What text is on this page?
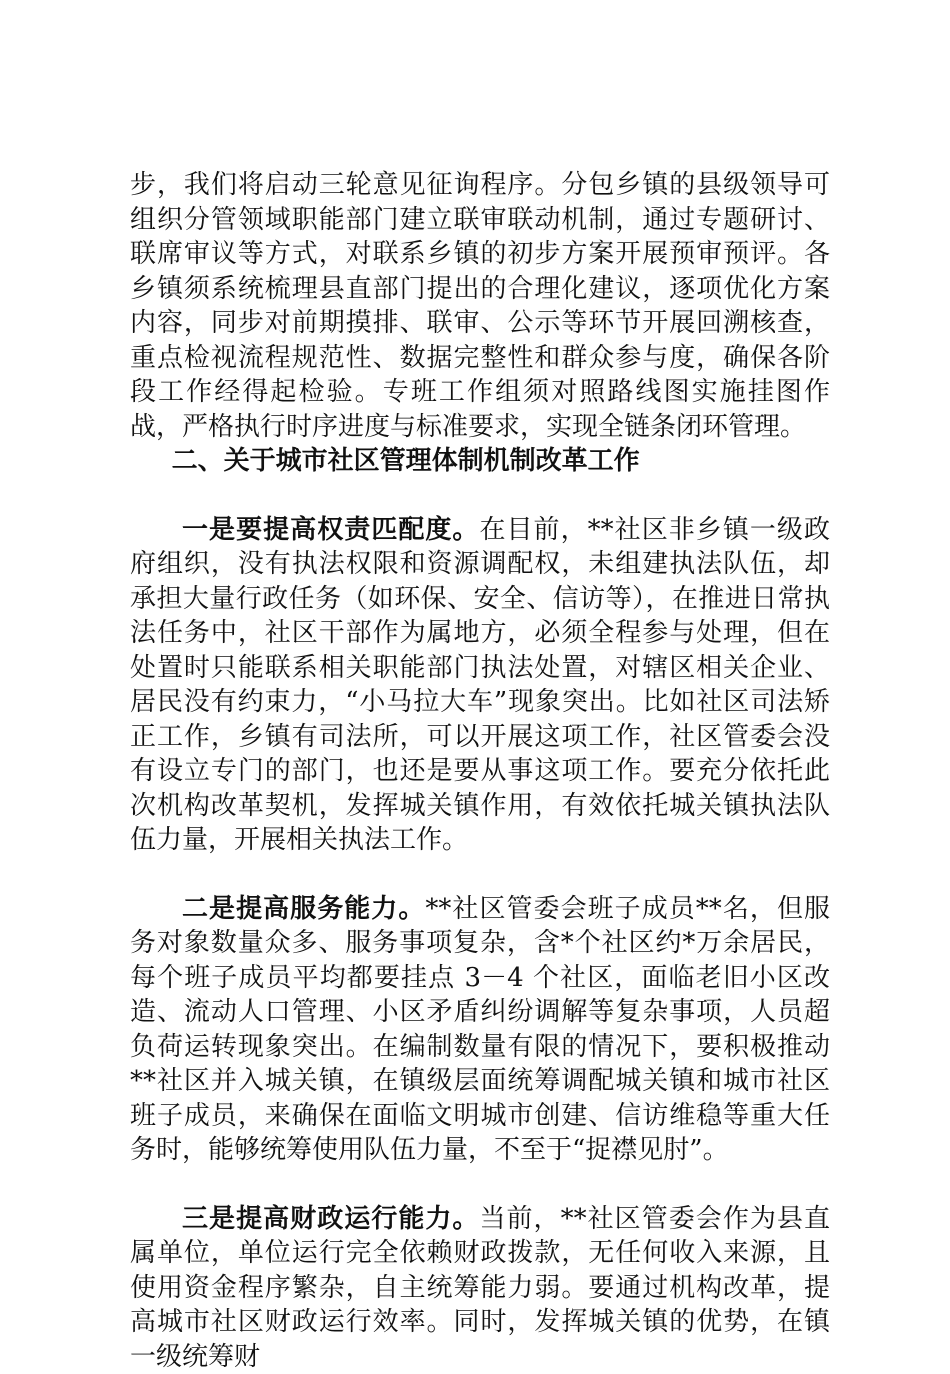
步，我们将启动三轮意见征询程序。分包乡镇的县级领导可组织分管领域职能部门建立联审联动机制，通过专题研讨、联席审议等方式，对联系乡镇的初步方案开展预审预评。各乡镇须系统梳理县直部门提出的合理化建议，逐项优化方案内容，同步对前期摸排、联审、公示等环节开展回溯核查，重点检视流程规范性、数据完整性和群众参与度，确保各阶段工作经得起检验。专班工作组须对照路线图实施挂图作战，严格执行时序进度与标准要求，实现全链条闭环管理。

二、关于城市社区管理体制机制改革工作

一是要提高权责匹配度。在目前，**社区非乡镇一级政府组织，没有执法权限和资源调配权，未组建执法队伍，却承担大量行政任务（如环保、安全、信访等），在推进日常执法任务中，社区干部作为属地方，必须全程参与处理，但在处置时只能联系相关职能部门执法处置，对辖区相关企业、居民没有约束力，“小马拉大车”现象突出。比如社区司法矫正工作，乡镇有司法所，可以开展这项工作，社区管委会没有设立专门的部门，也还是要从事这项工作。要充分依托此次机构改革契机，发挥城关镇作用，有效依托城关镇执法队伍力量，开展相关执法工作。

二是提高服务能力。**社区管委会班子成员**名，但服务对象数量众多、服务事项复杂，含*个社区约*万余居民，每个班子成员平均都要挂点 3－4 个社区，面临老旧小区改造、流动人口管理、小区矛盾纠纷调解等复杂事项，人员超负荷运转现象突出。在编制数量有限的情况下，要积极推动**社区并入城关镇，在镇级层面统筹调配城关镇和城市社区班子成员，来确保在面临文明城市创建、信访维稳等重大任务时，能够统筹使用队伍力量，不至于“捉襟见肘”。

三是提高财政运行能力。当前，**社区管委会作为县直属单位，单位运行完全依赖财政拨款，无任何收入来源，且使用资金程序繁杂，自主统筹能力弱。要通过机构改革，提高城市社区财政运行效率。同时，发挥城关镇的优势，在镇一级统筹财
